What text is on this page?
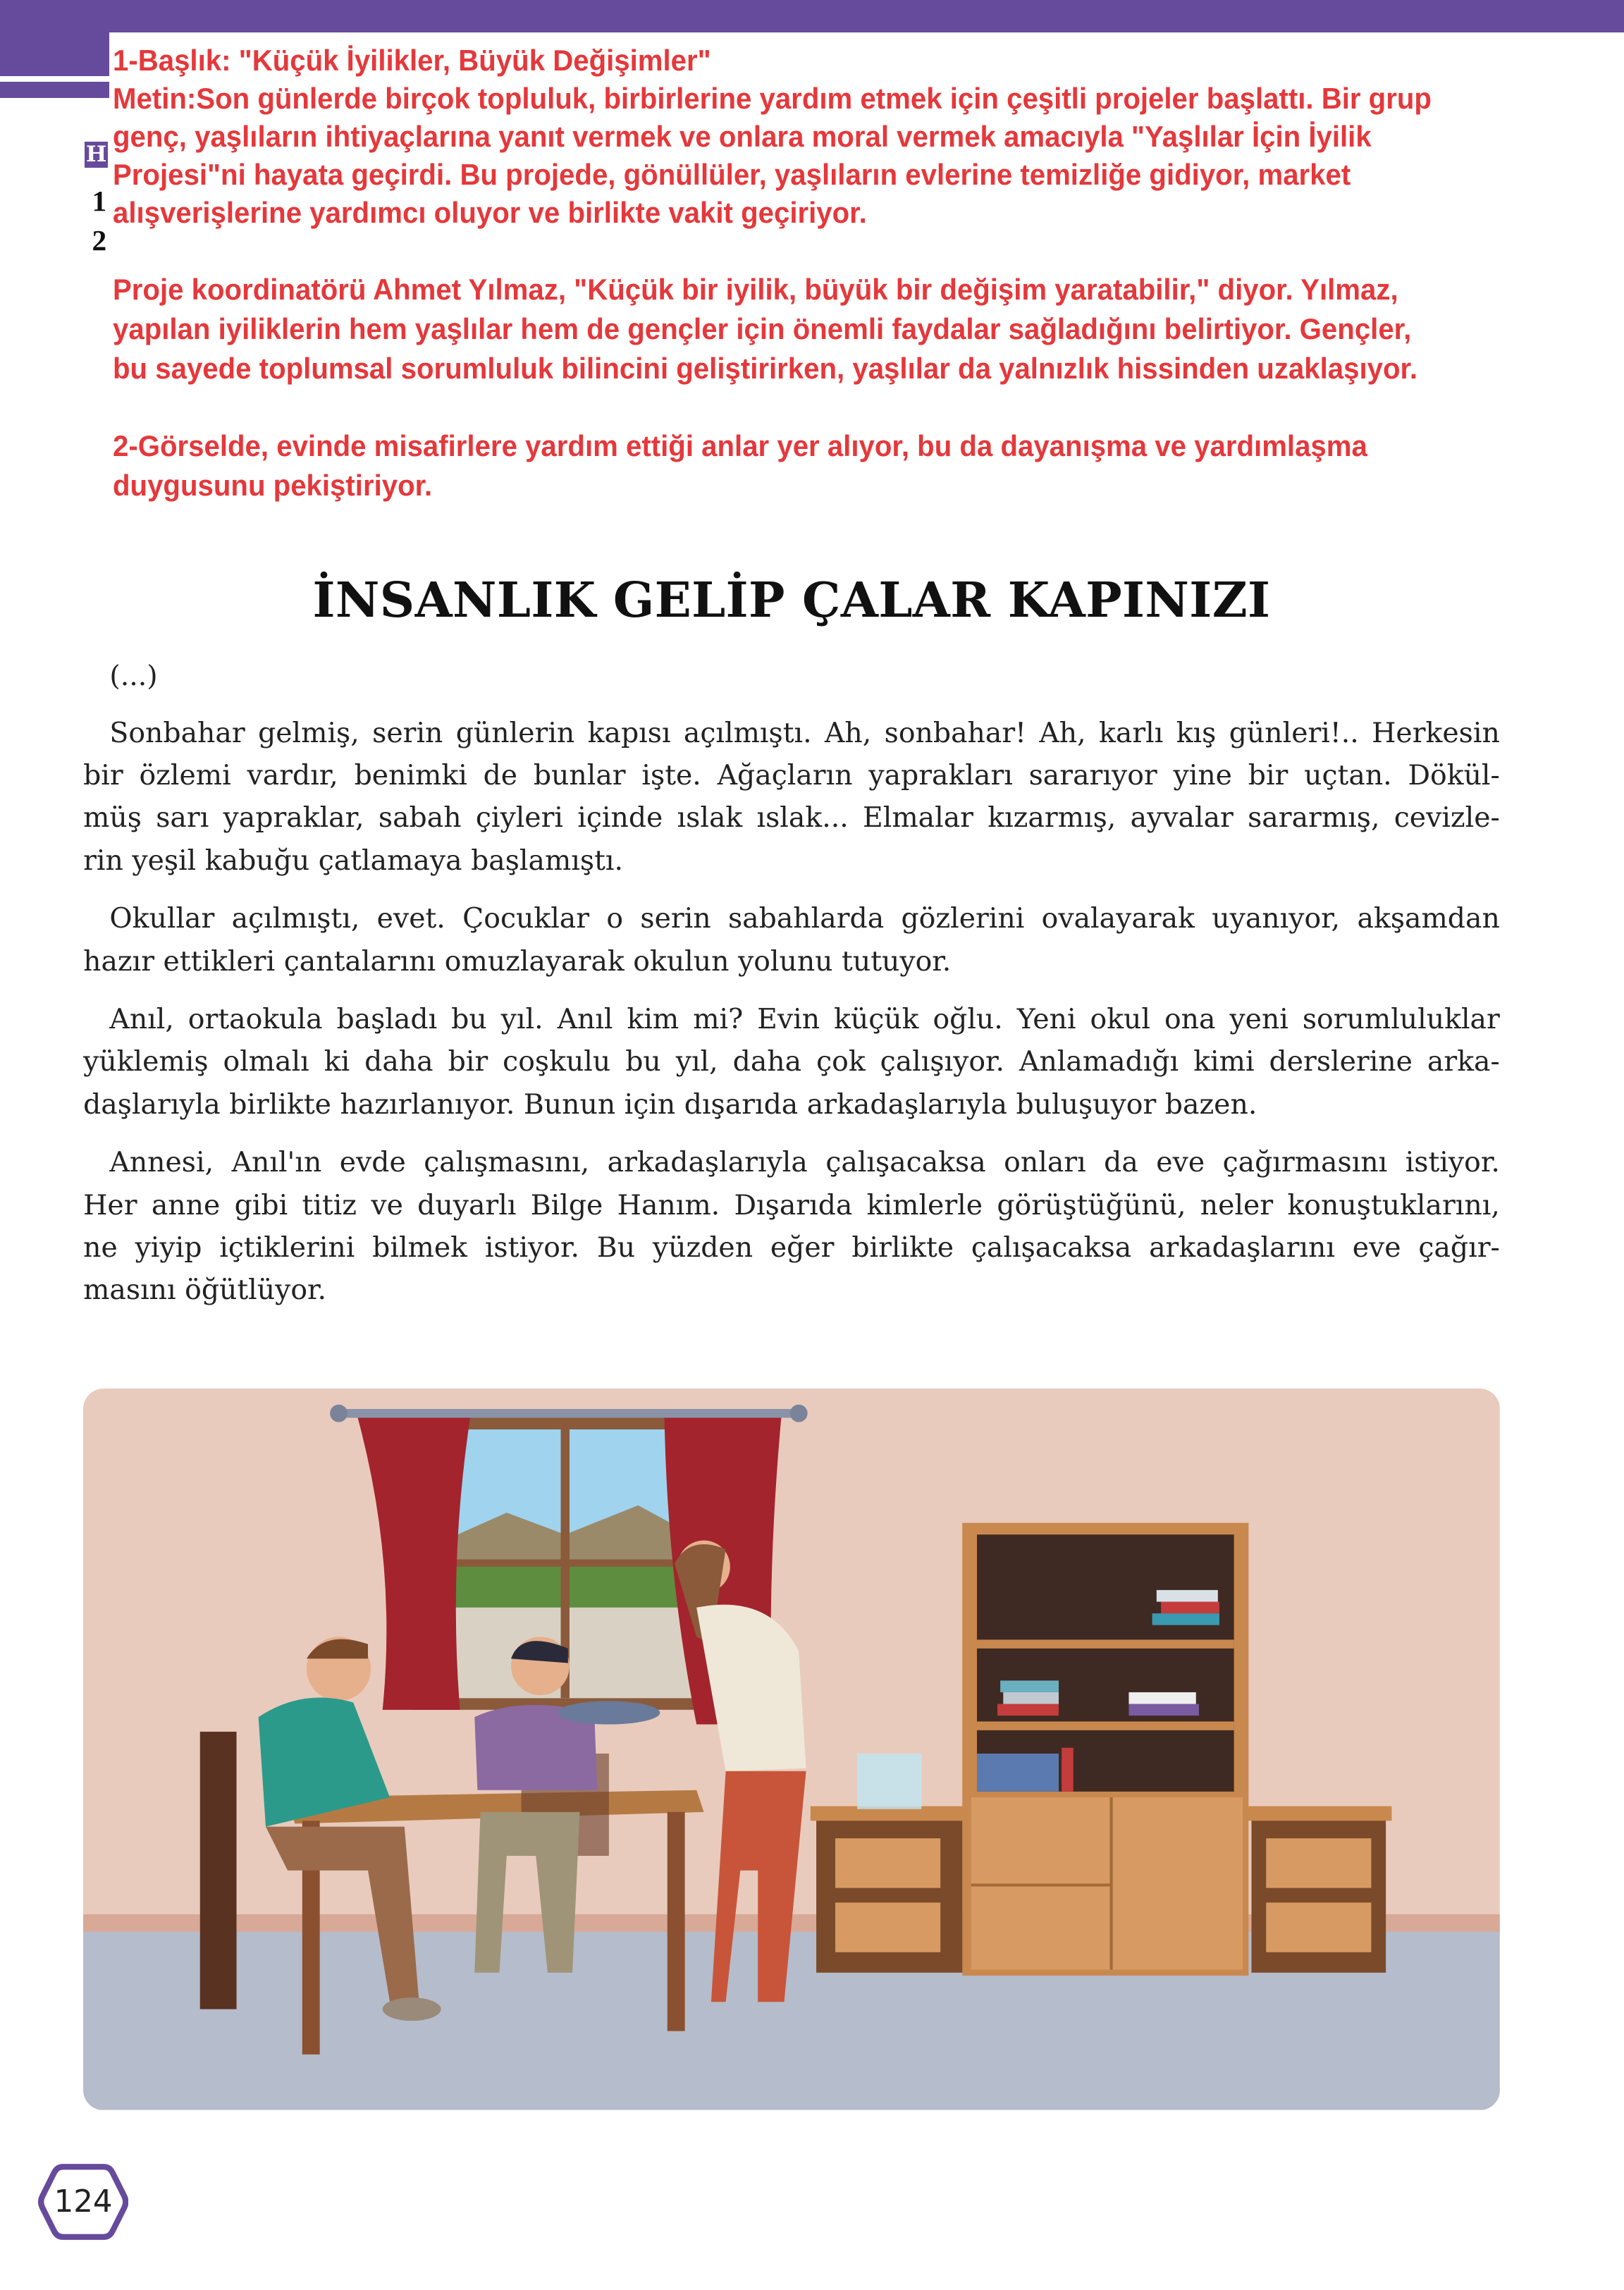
H
1
2
1-Başlık: "Küçük İyilikler, Büyük Değişimler"
Metin:Son günlerde birçok topluluk, birbirlerine yardım etmek için çeşitli projeler başlattı. Bir grup
genç, yaşlıların ihtiyaçlarına yanıt vermek ve onlara moral vermek amacıyla "Yaşlılar İçin İyilik
Projesi"ni hayata geçirdi. Bu projede, gönüllüler, yaşlıların evlerine temizliğe gidiyor, market
alışverişlerine yardımcı oluyor ve birlikte vakit geçiriyor.
Proje koordinatörü Ahmet Yılmaz, "Küçük bir iyilik, büyük bir değişim yaratabilir," diyor. Yılmaz,
yapılan iyiliklerin hem yaşlılar hem de gençler için önemli faydalar sağladığını belirtiyor. Gençler,
bu sayede toplumsal sorumluluk bilincini geliştirirken, yaşlılar da yalnızlık hissinden uzaklaşıyor.
2-Görselde, evinde misafirlere yardım ettiği anlar yer alıyor, bu da dayanışma ve yardımlaşma
duygusunu pekiştiriyor.
İNSANLIK GELİP ÇALAR KAPINIZI
(...)
Sonbahar gelmiş, serin günlerin kapısı açılmıştı. Ah, sonbahar! Ah, karlı kış günleri!.. Herkesin
bir özlemi vardır, benimki de bunlar işte. Ağaçların yaprakları sararıyor yine bir uçtan. Dökül-
müş sarı yapraklar, sabah çiyleri içinde ıslak ıslak... Elmalar kızarmış, ayvalar sararmış, cevizle-
rin yeşil kabuğu çatlamaya başlamıştı.
Okullar açılmıştı, evet. Çocuklar o serin sabahlarda gözlerini ovalayarak uyanıyor, akşamdan
hazır ettikleri çantalarını omuzlayarak okulun yolunu tutuyor.
Anıl, ortaokula başladı bu yıl. Anıl kim mi? Evin küçük oğlu. Yeni okul ona yeni sorumluluklar
yüklemiş olmalı ki daha bir coşkulu bu yıl, daha çok çalışıyor. Anlamadığı kimi derslerine arka-
daşlarıyla birlikte hazırlanıyor. Bunun için dışarıda arkadaşlarıyla buluşuyor bazen.
Annesi, Anıl'ın evde çalışmasını, arkadaşlarıyla çalışacaksa onları da eve çağırmasını istiyor.
Her anne gibi titiz ve duyarlı Bilge Hanım. Dışarıda kimlerle görüştüğünü, neler konuştuklarını,
ne yiyip içtiklerini bilmek istiyor. Bu yüzden eğer birlikte çalışacaksa arkadaşlarını eve çağır-
masını öğütlüyor.
124
